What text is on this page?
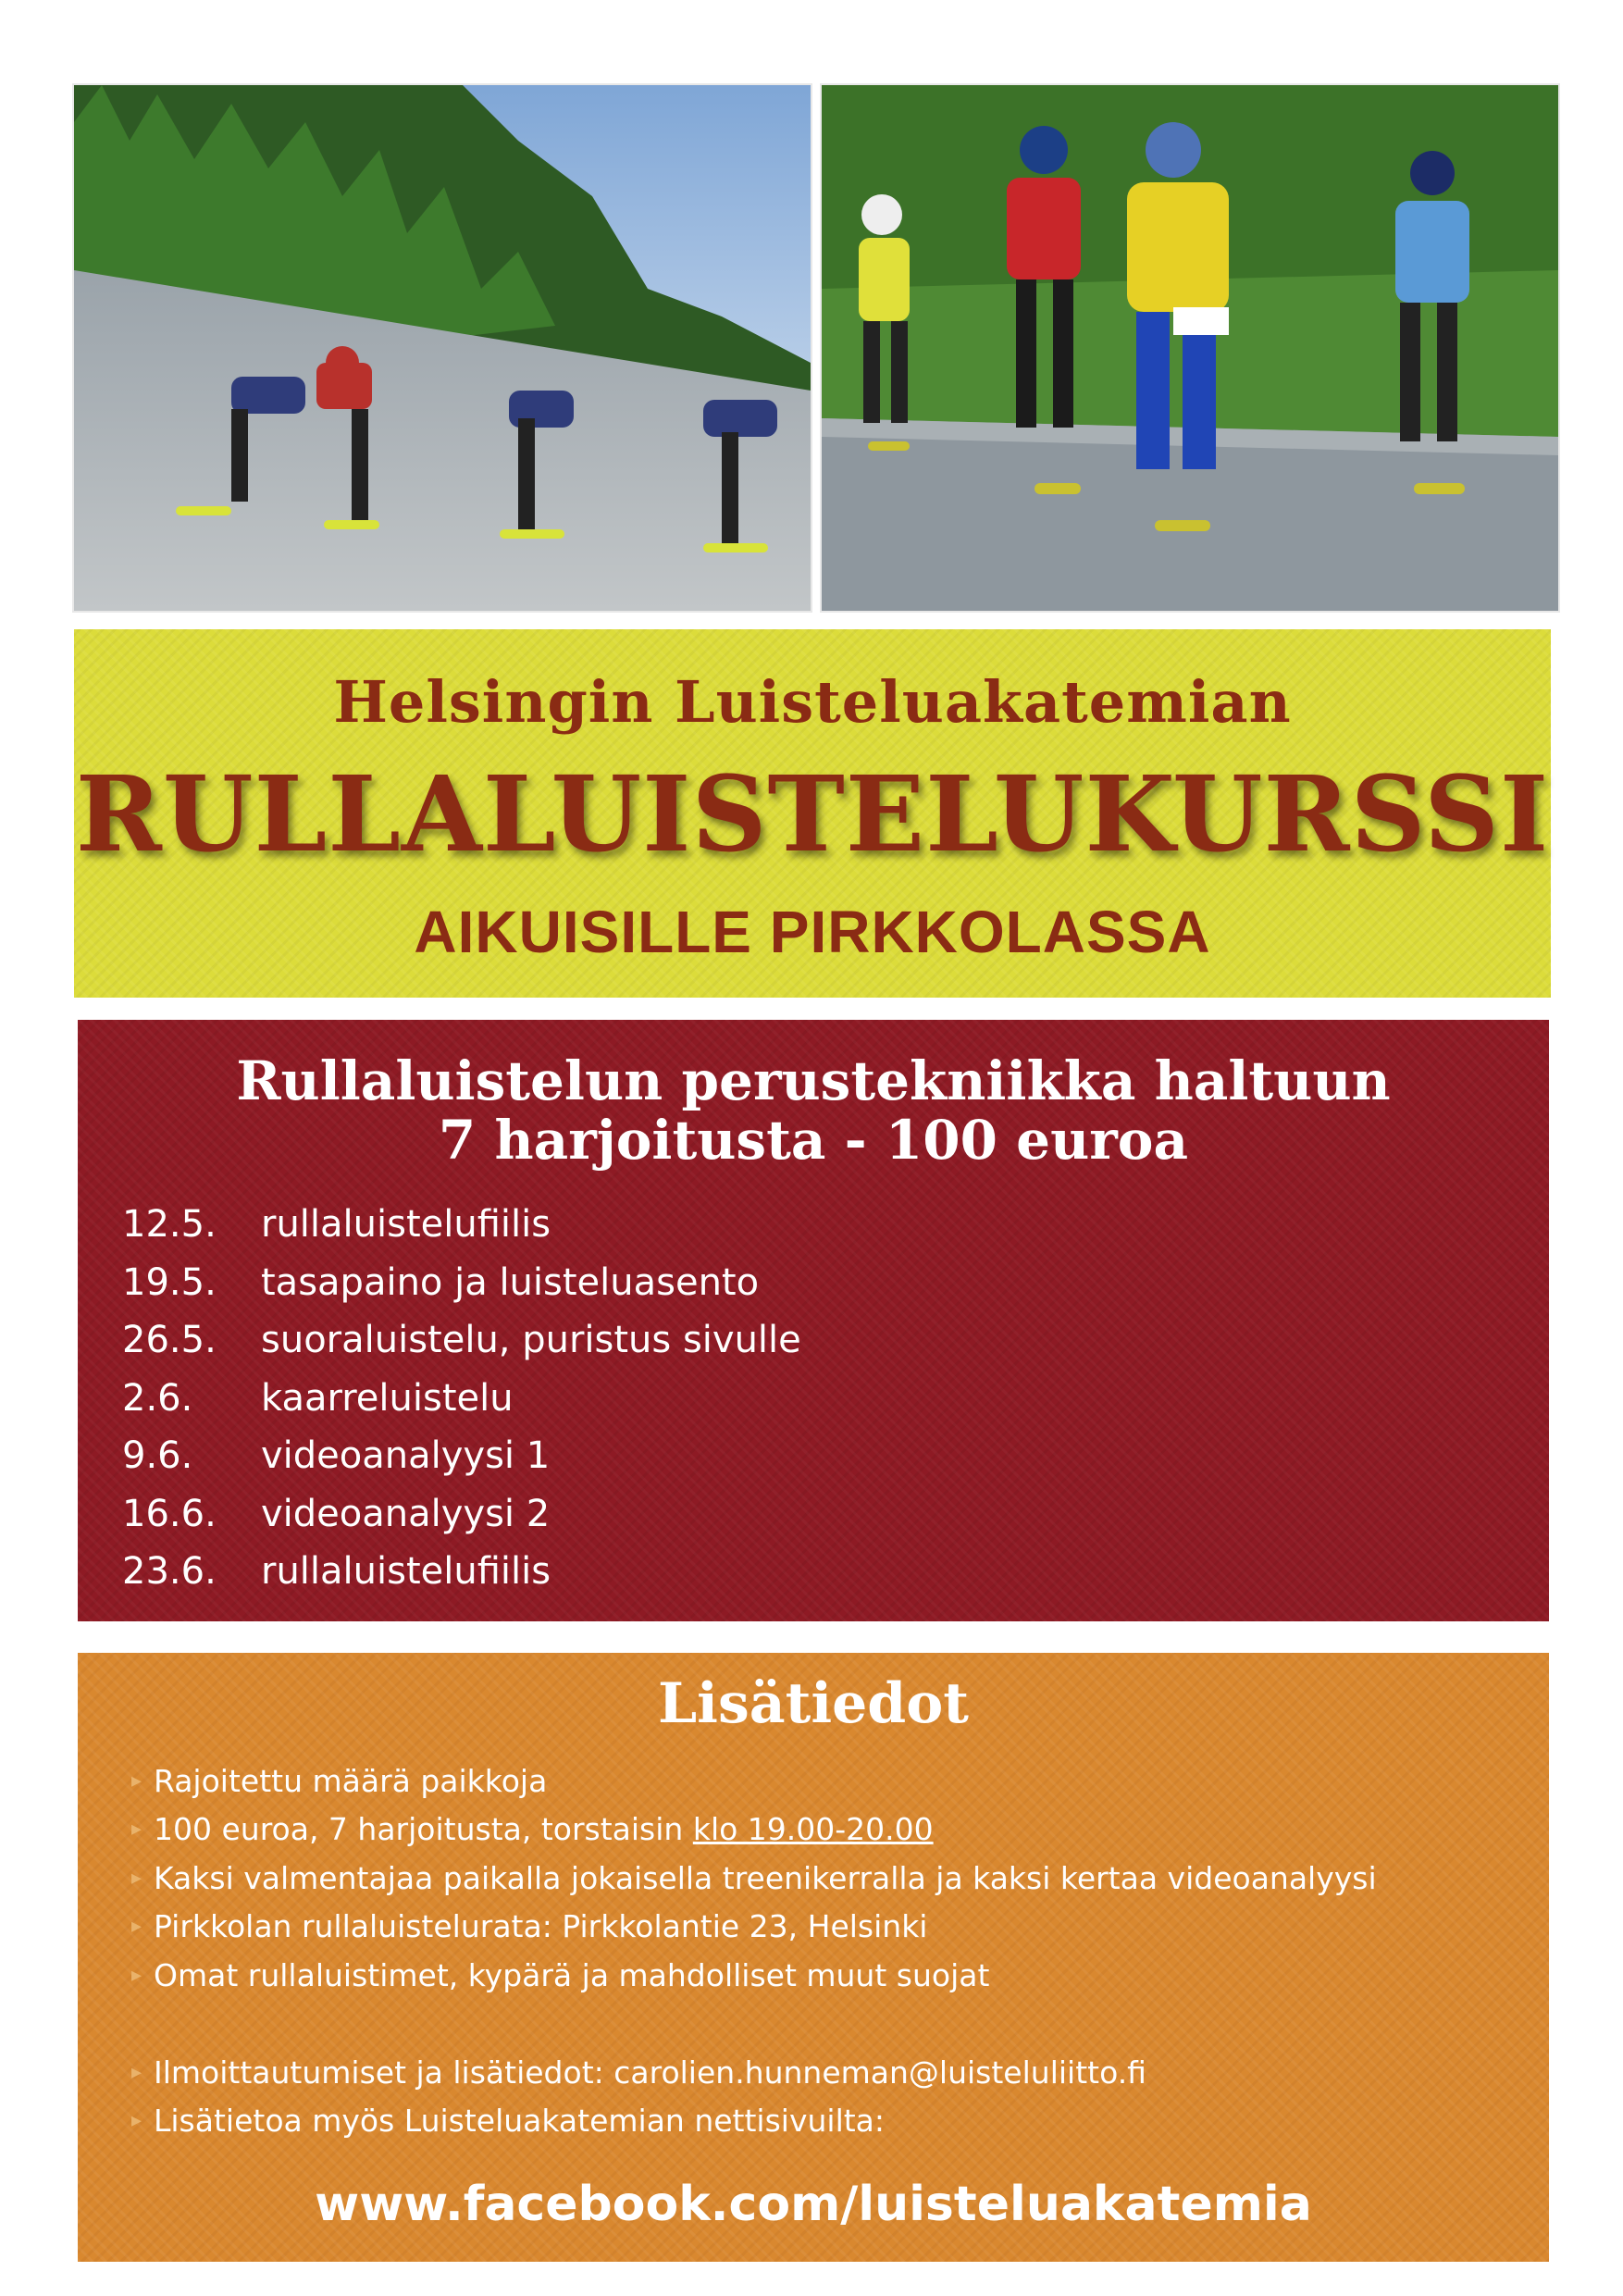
Helsingin Luisteluakatemian
RULLALUISTELUKURSSI
AIKUISILLE PIRKKOLASSA
Rullaluistelun perustekniikka haltuun
7 harjoitusta - 100 euroa
12.5.	rullaluistelufiilis
19.5.	tasapaino ja luisteluasento
26.5.	suoraluistelu, puristus sivulle
2.6.	kaarreluistelu
9.6.	videoanalyysi 1
16.6.	videoanalyysi 2
23.6.	rullaluistelufiilis
Lisätiedot
▸ Rajoitettu määrä paikkoja
▸ 100 euroa, 7 harjoitusta, torstaisin klo 19.00-20.00
▸ Kaksi valmentajaa paikalla jokaisella treenikerralla ja kaksi kertaa videoanalyysi
▸ Pirkkolan rullaluistelurata: Pirkkolantie 23, Helsinki
▸ Omat rullaluistimet, kypärä ja mahdolliset muut suojat
▸ Ilmoittautumiset ja lisätiedot: carolien.hunneman@luisteluliitto.fi
▸ Lisätietoa myös Luisteluakatemian nettisivuilta:
www.facebook.com/luisteluakatemia
